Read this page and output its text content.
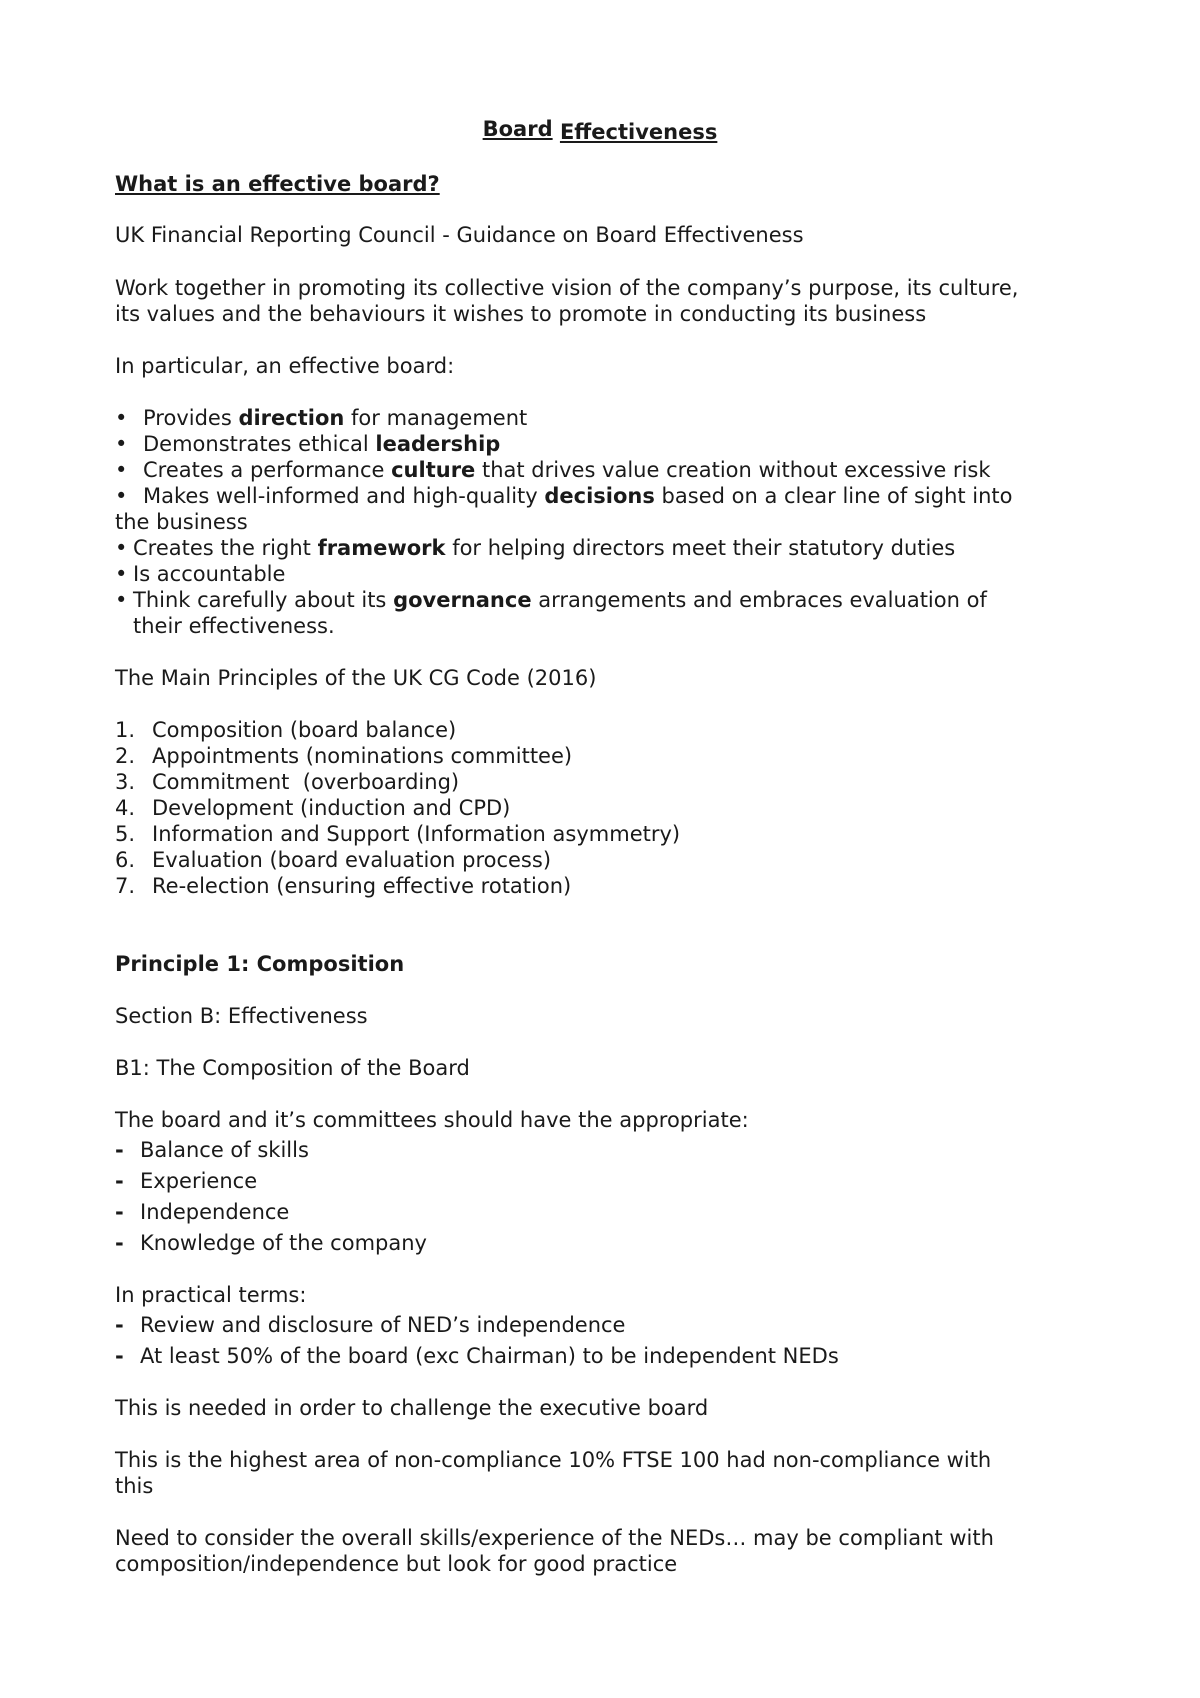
Board Effectiveness
What is an effective board?
UK Financial Reporting Council - Guidance on Board Effectiveness
Work together in promoting its collective vision of the company’s purpose, its culture,
its values and the behaviours it wishes to promote in conducting its business
In particular, an effective board:
• Provides direction for management
• Demonstrates ethical leadership
• Creates a performance culture that drives value creation without excessive risk
• Makes well-informed and high-quality decisions based on a clear line of sight into
the business
• Creates the right framework for helping directors meet their statutory duties
• Is accountable
• Think carefully about its governance arrangements and embraces evaluation of
their effectiveness.
The Main Principles of the UK CG Code (2016)
1. Composition (board balance)
2. Appointments (nominations committee)
3. Commitment  (overboarding)
4. Development (induction and CPD)
5. Information and Support (Information asymmetry)
6. Evaluation (board evaluation process)
7. Re-election (ensuring effective rotation)
Principle 1: Composition
Section B: Effectiveness
B1: The Composition of the Board
The board and it’s committees should have the appropriate:
- Balance of skills
- Experience
- Independence
- Knowledge of the company
In practical terms:
- Review and disclosure of NED’s independence
- At least 50% of the board (exc Chairman) to be independent NEDs
This is needed in order to challenge the executive board
This is the highest area of non-compliance 10% FTSE 100 had non-compliance with
this
Need to consider the overall skills/experience of the NEDs… may be compliant with
composition/independence but look for good practice
